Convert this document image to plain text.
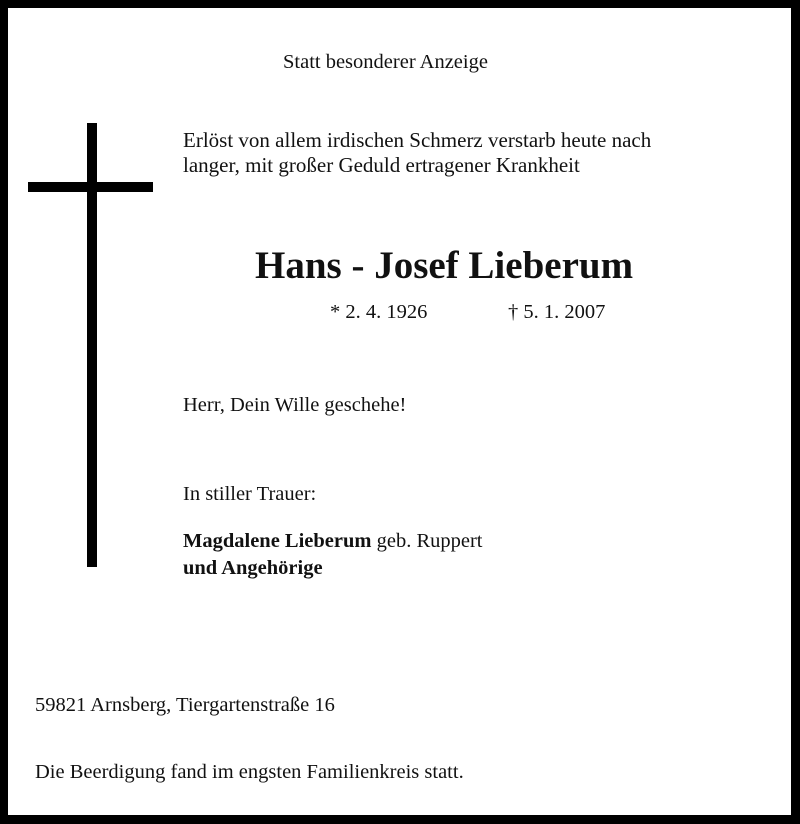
Statt besonderer Anzeige
Erlöst von allem irdischen Schmerz verstarb heute nach
langer, mit großer Geduld ertragener Krankheit
Hans - Josef Lieberum
* 2. 4. 1926	† 5. 1. 2007
Herr, Dein Wille geschehe!
In stiller Trauer:
Magdalene Lieberum geb. Ruppert
und Angehörige
59821 Arnsberg, Tiergartenstraße 16
Die Beerdigung fand im engsten Familienkreis statt.
